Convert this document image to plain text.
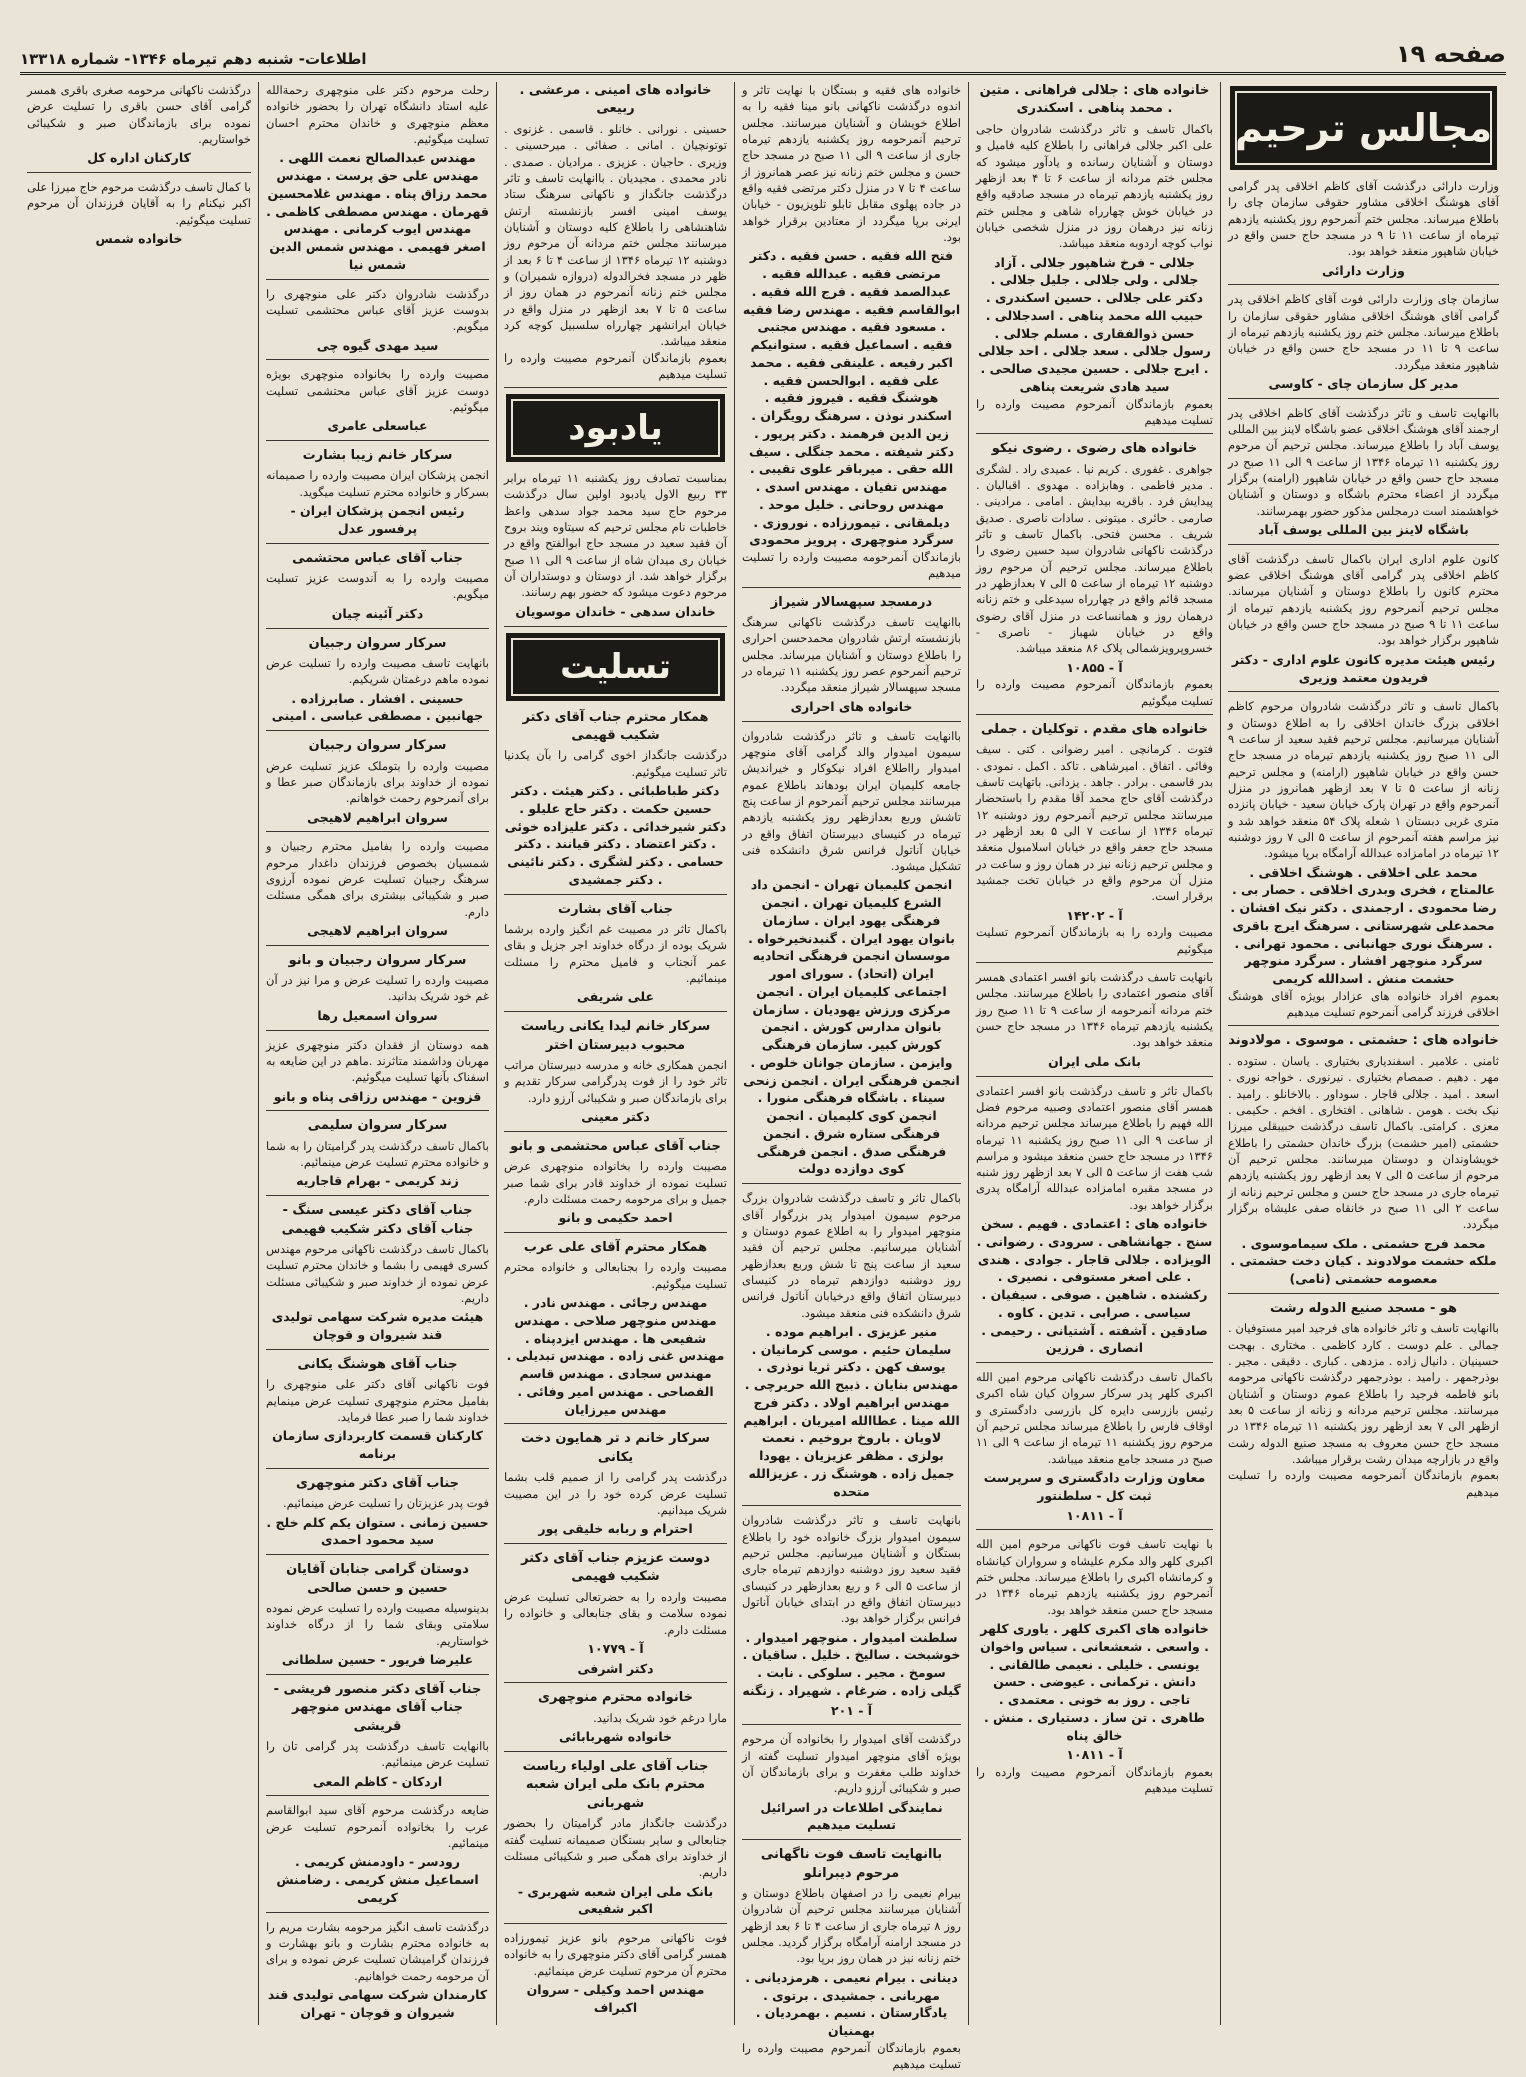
صفحه ۱۹
اطلاعات- شنبه دهم تیرماه ۱۳۴۶- شماره ۱۳۳۱۸
مجالس ترحیم
وزارت دارائی درگذشت آقای کاظم اخلاقی پدر گرامی آقای هوشنگ اخلاقی مشاور حقوقی سازمان چای را باطلاع میرساند. مجلس ختم آنمرحوم روز یکشنبه یازدهم تیرماه از ساعت ۱۱ تا ۹ در مسجد حاج حسن واقع در خیابان شاهپور منعقد خواهد بود.
وزارت دارائی
سازمان چای وزارت دارائی فوت آقای کاظم اخلاقی پدر گرامی آقای هوشنگ اخلاقی مشاور حقوقی سازمان را باطلاع میرساند. مجلس ختم روز یکشنبه یازدهم تیرماه از ساعت ۹ تا ۱۱ در مسجد حاج حسن واقع در خیابان شاهپور منعقد میگردد.
مدیر کل سازمان چای - کاوسی
باانهایت تاسف و تاثر درگذشت آقای کاظم اخلاقی پدر ارجمند آقای هوشنگ اخلاقی عضو باشگاه لاینز بین المللی یوسف آباد را باطلاع میرساند. مجلس ترحیم آن مرحوم روز یکشنبه ۱۱ تیرماه ۱۳۴۶ از ساعت ۹ الی ۱۱ صبح در مسجد حاج حسن واقع در خیابان شاهپور (ارامنه) برگزار میگردد از اعضاء محترم باشگاه و دوستان و آشنایان خواهشمند است درمجلس مذکور حضور بهمرسانند.
باشگاه لاینز بین المللی یوسف آباد
کانون علوم اداری ایران باکمال تاسف درگذشت آقای کاظم اخلاقی پدر گرامی آقای هوشنگ اخلاقی عضو محترم کانون را باطلاع دوستان و آشنایان میرساند. مجلس ترحیم آنمرحوم روز یکشنبه یازدهم تیرماه از ساعت ۱۱ تا ۹ صبح در مسجد حاج حسن واقع در خیابان شاهپور برگزار خواهد بود.
رئیس هیئت مدیره کانون علوم اداری - دکتر فریدون معتمد وزیری
باکمال تاسف و تاثر درگذشت شادروان مرحوم کاظم اخلاقی بزرگ خاندان اخلاقی را به اطلاع دوستان و آشنایان میرسانیم. مجلس ترحیم فقید سعید از ساعت ۹ الی ۱۱ صبح روز یکشنبه یازدهم تیرماه در مسجد حاج حسن واقع در خیابان شاهپور (ارامنه) و مجلس ترحیم زنانه از ساعت ۵ تا ۷ بعد ازظهر همانروز در منزل آنمرحوم واقع در تهران پارک خیابان سعید - خیابان پانزده متری غربی دبستان ۱ شعله پلاک ۵۴ منعقد خواهد شد و نیز مراسم هفته آنمرحوم از ساعت ۵ الی ۷ روز دوشنبه ۱۲ تیرماه در امامزاده عبدالله آرامگاه برپا میشود.
محمد علی اخلاقی . هوشنگ اخلاقی . عالمتاج ، فخری وبدری اخلاقی . حصار بی . رضا محمودی . ارجمندی . دکتر نیک افشان . محمدعلی شهرستانی . سرهنگ ایرج باقری . سرهنگ نوری جهانبانی . محمود تهرانی . سرگرد منوچهر افشار . سرگرد منوچهر حشمت منش . اسدالله کریمی
بعموم افراد خانواده های عزادار بویژه آقای هوشنگ اخلاقی فرزند گرامی آنمرحوم تسلیت میدهیم
خانواده های : حشمتی . موسوی . مولادوند
ثامنی . علامیر . اسفندیاری بختیاری . یاسان . ستوده . مهر . دهیم . صمصام بختیاری . نیرنوری . خواجه نوری . اسعد . امید . جلالی قاجار . سوداور . بالاخانلو . رامید . نیک بخت . هومن . شاهانی . افتخاری . افخم . حکیمی . معزی . کرامتی. باکمال تاسف درگذشت حبیبقلی میرزا حشمتی (امیر حشمت) بزرگ خاندان حشمتی را باطلاع خویشاوندان و دوستان میرسانند. مجلس ترحیم آن مرحوم از ساعت ۵ الی ۷ بعد ازظهر روز یکشنبه یازدهم تیرماه جاری در مسجد حاج حسن و مجلس ترحیم زنانه از ساعت ۲ الی ۱۱ صبح در خانقاه صفی علیشاه برگزار میگردد.
محمد فرج حشمتی . ملک سیماموسوی . ملکه حشمت مولادوند . کیان دخت حشمتی . معصومه حشمتی (نامی)
هو - مسجد صنیع الدوله رشت
باانهایت تاسف و تاثر خانواده های فرجید امیر مستوفیان . جمالی . علم دوست . کارد کاظمی . مختاری . بهجت حسینیان . دانیال زاده . مزدهی . کباری . دقیقی . مجیر . بوذرجمهر . رامید . بوذرجمهر درگذشت ناکهانی مرحومه بانو فاطمه فرجید را باطلاع عموم دوستان و آشنایان میرسانند. مجلس ترحیم مردانه و زنانه از ساعت ۵ بعد ازظهر الی ۷ بعد ازظهر روز یکشنبه ۱۱ تیرماه ۱۳۴۶ در مسجد حاج حسن معروف به مسجد صنیع الدوله رشت واقع در بازارچه میدان رشت برقرار میباشد.
بعموم بازماندگان آنمرحومه مصیبت وارده را تسلیت میدهیم
خانواده های : جلالی فراهانی . متین . محمد پناهی . اسکندری
باکمال تاسف و تاثر درگذشت شادروان حاجی علی اکبر جلالی فراهانی را باطلاع کلیه فامیل و دوستان و آشنایان رسانده و یادآور میشود که مجلس ختم مردانه از ساعت ۶ تا ۴ بعد ازظهر روز یکشنبه یازدهم تیرماه در مسجد صادقیه واقع در خیابان خوش چهارراه شاهی و مجلس ختم زنانه نیز درهمان روز در منزل شخصی خیابان نواب کوچه اردوبه منعقد میباشد.
جلالی - فرخ شاهپور جلالی . آزاد جلالی . ولی جلالی . جلیل جلالی . دکتر علی جلالی . حسین اسکندری . حبیب الله محمد پناهی . اسدجلالی . حسن ذوالفقاری . مسلم جلالی . رسول جلالی . سعد جلالی . احد جلالی . ایرج جلالی . حسین مجیدی صالحی . سید هادی شریعت پناهی
بعموم بازماندگان آنمرحوم مصیبت وارده را تسلیت میدهیم
خانواده های رضوی . رضوی نیکو
جواهری . غفوری . کریم نیا . عمیدی راد . لشگری . مدیر فاطمی . وهابزاده . مهدوی . اقبالیان . پیدایش فرد . باقریه بیدایش . امامی . مرادینی . صارمی . حائری . میتونی . سادات ناصری . صدیق شریف . محسن فتحی. باکمال تاسف و تاثر درگذشت ناکهانی شادروان سید حسین رضوی را باطلاع میرساند. مجلس ترحیم آن مرحوم روز دوشنبه ۱۲ تیرماه از ساعت ۵ الی ۷ بعدازظهر در مسجد قائم واقع در چهارراه سیدعلی و ختم زنانه درهمان روز و همانساعت در منزل آقای رضوی واقع در خیابان شهباز - ناصری - خسروپرویزشمالی پلاک ۸۶ منعقد میباشد.
آ - ۱۰۸۵۵
بعموم بازماندگان آنمرحوم مصیبت وارده را تسلیت میگوئیم
خانواده های مقدم . توکلیان . جملی
فتوت . کرمانچی . امیر رضوانی . کتی . سیف وفائی . اتفاق . امیرشاهی . تاکد . اکمل . نمودی . بدر قاسمی . برادر . جاهد . یزدانی. باتهایت تاسف درگذشت آقای حاج محمد آقا مقدم را باستحضار میرسانند مجلس ترحیم آنمرحوم روز دوشنبه ۱۲ تیرماه ۱۳۴۶ از ساعت ۷ الی ۵ بعد ازظهر در مسجد حاج جعفر واقع در خیابان اسلامبول منعقد و مجلس ترحیم زنانه نیز در همان روز و ساعت در منزل آن مرحوم واقع در خیابان تخت جمشید برقرار است.
آ - ۱۴۲۰۲
مصیبت وارده را به بازماندگان آنمرحوم تسلیت میگوئیم
بانهایت تاسف درگذشت بانو افسر اعتمادی همسر آقای منصور اعتمادی را باطلاع میرسانند. مجلس ختم مردانه آنمرحومه از ساعت ۹ تا ۱۱ صبح روز یکشنبه یازدهم تیرماه ۱۳۴۶ در مسجد حاج حسن منعقد خواهد بود.
بانک ملی ایران
باکمال تاثر و تاسف درگذشت بانو افسر اعتمادی همسر آقای منصور اعتمادی وصبیه مرحوم فضل الله فهیم را باطلاع میرساند مجلس ترحیم مردانه از ساعت ۹ الی ۱۱ صبح روز یکشنبه ۱۱ تیرماه ۱۳۴۶ در مسجد حاج حسن منعقد میشود و مراسم شب هفت از ساعت ۵ الی ۷ بعد ازظهر روز شنبه در مسجد مقبره امامزاده عبدالله آرامگاه پدری برگزار خواهد بود.
خانواده های : اعتمادی . فهیم . سخن سنج . جهانشاهی . سرودی . رضوانی . الویزاده . جلالی قاجار . جوادی . هندی . علی اصغر مستوفی . نصیری . رکشنده . شاهین . صوفی . سیفیان . سیاسی . صرابی . تدین . کاوه . صادقین . آشفته . آشتیانی . رحیمی . انصاری . فرزین
باکمال تاسف درگذشت ناکهانی مرحوم امین الله اکبری کلهر پدر سرکار سروان کیان شاه اکبری رئیس بازرسی دایره کل بازرسی دادگستری و اوقاف فارس را باطلاع میرساند مجلس ترحیم آن مرحوم روز یکشنبه ۱۱ تیرماه از ساعت ۹ الی ۱۱ صبح در مسجد جامع منعقد میباشد.
معاون وزارت دادگستری و سرپرست ثبت کل - سلطنتور
آ - ۱۰۸۱۱
با نهایت تاسف فوت ناکهانی مرحوم امین الله اکبری کلهر والد مکرم علیشاه و سرواران کیانشاه و کرمانشاه اکبری را باطلاع میرساند. مجلس ختم آنمرحوم روز یکشنبه یازدهم تیرماه ۱۳۴۶ در مسجد حاج حسن منعقد خواهد بود.
خانواده های اکبری کلهر . یاوری کلهر . واسعی . شعشعانی . سیاس واخوان یونسی . خلیلی . نعیمی طالقانی . دانش . ترکمانی . عیوضی . حسن تاجی . روز به خونی . معتمدی . طاهری . تن ساز . دستیاری . منش . خالق پناه
آ - ۱۰۸۱۱
بعموم بازماندگان آنمرحوم مصیبت وارده را تسلیت میدهیم
خانواده های فقیه و بستگان با نهایت تاثر و اندوه درگذشت ناکهانی بانو مینا فقیه را به اطلاع خویشان و آشنایان میرسانند. مجلس ترحیم آنمرحومه روز یکشنبه یازدهم تیرماه جاری از ساعت ۹ الی ۱۱ صبح در مسجد حاج حسن و مجلس ختم زنانه نیز عصر همانروز از ساعت ۴ تا ۷ در منزل دکتر مرتضی فقیه واقع در جاده پهلوی مقابل تابلو تلویزیون - خیابان ایرنی برپا میگردد از معتادین برقرار خواهد بود.
فتح الله فقیه . حسن فقیه . دکتر مرتضی فقیه . عبدالله فقیه . عبدالصمد فقیه . فرج الله فقیه . ابوالقاسم فقیه . مهندس رضا فقیه . مسعود فقیه . مهندس مجتبی فقیه . اسماعیل فقیه . ستوانیکم اکبر رفیعه . علینقی فقیه . محمد علی فقیه . ابوالحسن فقیه . هوشنگ فقیه . فیروز فقیه . اسکندر نوذن . سرهنگ رویگران . زین الدین فرهمند . دکتر پرپور . دکتر شیفته . محمد جنگلی . سیف الله حقی . میرباقر علوی تقیبی . مهندس تفیان . مهندس اسدی . مهندس روحانی . خلیل موحد . دیلمقانی . تیمورزاده . نوروزی . سرگرد منوچهری . پرویز محمودی
بازماندگان آنمرحومه مصیبت وارده را تسلیت میدهیم
درمسجد سپهسالار شیراز
باانهایت تاسف درگذشت ناکهانی سرهنگ بازنشسته ارتش شادروان محمدحسن احراری را باطلاع دوستان و آشنایان میرساند. مجلس ترحیم آنمرحوم عصر روز یکشنبه ۱۱ تیرماه در مسجد سپهسالار شیراز منعقد میگردد.
خانواده های احراری
باانهایت تاسف و تاثر درگذشت شادروان سیمون امیدوار والد گرامی آقای منوچهر امیدوار رااطلاع افراد نیکوکار و خیراندیش جامعه کلیمیان ایران بودهاند باطلاع عموم میرسانند مجلس ترحیم آنمرحوم از ساعت پنج تاشش وربع بعدازظهر روز یکشنبه یازدهم تیرماه در کنیسای دبیرستان اتفاق واقع در خیابان آناتول فرانس شرق دانشکده فنی تشکیل میشود.
انجمن کلیمیان تهران - انجمن داد الشرع کلیمیان تهران . انجمن فرهنگی یهود ایران . سازمان بانوان یهود ایران . گنبدنخیرخواه . موسسان انجمن فرهنگی اتحادیه ایران (اتحاد) . سورای امور اجتماعی کلیمیان ایران . انجمن مرکزی ورزش یهودیان . سازمان بانوان مدارس کورش . انجمن کورش کبیر. سازمان فرهنگی وایزمن . سازمان جوانان خلوص . انجمن فرهنگی ایران . انجمن زنحی سیناء . باشگاه فرهنگی منورا . انجمن کوی کلیمیان . انجمن فرهنگی ستاره شرق . انجمن فرهنگی صدق . انجمن فرهنگی کوی دوازده دولت
باکمال تاثر و تاسف درگذشت شادروان بزرگ مرحوم سیمون امیدوار پدر بزرگوار آقای منوچهر امیدوار را به اطلاع عموم دوستان و آشنایان میرسانیم. مجلس ترحیم آن فقید سعید از ساعت پنج تا شش وربع بعدازظهر روز دوشنبه دوازدهم تیرماه در کنیسای دبیرستان اتفاق واقع درخیابان آناتول فرانس شرق دانشکده فنی منعقد میشود.
منیر عزیزی . ابراهیم موده . سلیمان حئیم . موسی کرمانیان . یوسف کهن . دکتر ثریا نوذری . مهندس بنایان . ذبیح الله حریرچی . مهندس ابراهیم اولاد . دکتر فرج الله مینا . عطاالله امیریان . ابراهیم لاویان . باروخ بروخیم . نعمت بولزی . مظفر عزیزیان . یهودا جمیل زاده . هوشنگ زر . عزیزالله متحده
بانهایت تاسف و تاثر درگذشت شادروان سیمون امیدوار بزرگ خانواده خود را باطلاع بستگان و آشنایان میرسانیم. مجلس ترحیم فقید سعید روز دوشنبه دوازدهم تیرماه جاری از ساعت ۵ الی ۶ و ربع بعدازظهر در کنیسای دبیرستان اتفاق واقع در ابتدای خیابان آناتول فرانس برگزار خواهد بود.
سلطنت امیدوار . منوچهر امیدوار . خوشبخت . سالیخ . خلیل . ساقیان . سومخ . مجیر . سلوکی . نابت . گیلی زاده . ضرغام . شهیراد . زنگنه
آ - ۲۰۱
درگذشت آقای امیدوار را بخانواده آن مرحوم بویژه آقای منوچهر امیدوار تسلیت گفته از خداوند طلب مغفرت و برای بازماندگان آن صبر و شکیبائی آرزو داریم.
نمایندگی اطلاعات در اسرائیل تسلیت میدهیم
باانهایت تاسف فوت ناگهانی مرحوم دیبرانلو
بیرام نعیمی را در اصفهان باطلاع دوستان و آشنایان میرسانند مجلس ترحیم آن شادروان روز ۸ تیرماه جاری از ساعت ۴ تا ۶ بعد ازظهر در مسجد ارامنه آرامگاه برگزار گردید. مجلس ختم زنانه نیز در همان روز برپا بود.
دینانی . بیرام نعیمی . هرمزدیانی . مهربانی . جمشیدی . برتوی . یادگارستان . نسیم . بهمردیان . بهمنیان
بعموم بازماندگان آنمرحوم مصیبت وارده را تسلیت میدهیم
خانواده های امینی . مرعشی . ربیعی
حسینی . نورانی . خانلو . قاسمی . غزنوی . توتونچیان . امانی . صفائی . میرحسینی . وزیری . حاجیان . عزیزی . مرادیان . صمدی . نادر محمدی . مجیدیان . باانهایت تاسف و تاثر درگذشت جانگداز و ناکهانی سرهنگ ستاد یوسف امینی افسر بازنشسته ارتش شاهنشاهی را باطلاع کلیه دوستان و آشنایان میرسانند مجلس ختم مردانه آن مرحوم روز دوشنبه ۱۲ تیرماه ۱۳۴۶ از ساعت ۴ تا ۶ بعد از ظهر در مسجد فخرالدوله (دروازه شمیران) و مجلس ختم زنانه آنمرحوم در همان روز از ساعت ۵ تا ۷ بعد ازظهر در منزل واقع در خیابان ایرانشهر چهارراه سلسبیل کوچه کرد منعقد میباشد.
بعموم بازماندگان آنمرحوم مصیبت وارده را تسلیت میدهیم
یادبود
بمناسبت تصادف روز یکشنبه ۱۱ تیرماه برابر ۳۳ ربیع الاول یادبود اولین سال درگذشت مرحوم حاج سید محمد جواد سدهی واعظ خاطبات نام مجلس ترحیم که سیتاوه ویند بروح آن فقید سعید در مسجد حاج ابوالفتح واقع در خیابان ری میدان شاه از ساعت ۹ الی ۱۱ صبح برگزار خواهد شد. از دوستان و دوستداران آن مرحوم دعوت میشود که حضور بهم رسانند.
خاندان سدهی - خاندان موسویان
تسلیت
همکار محترم جناب آقای دکتر شکیب قهیمی
درگذشت جانگداز اخوی گرامی را بآن یکدنیا تاثر تسلیت میگوئیم.
دکتر طباطبائی . دکتر هیئت . دکتر حسین حکمت . دکتر حاج علیلو . دکتر شیرخدائی . دکتر علیزاده خوئی . دکتر اعتضاد . دکتر قیانند . دکتر حسامی . دکتر لشگری . دکتر نائینی . دکتر جمشیدی
جناب آقای بشارت
باکمال تاثر در مصیبت غم انگیز وارده برشما شریک بوده از درگاه خداوند اجر جزیل و بقای عمر آنجناب و فامیل محترم را مسئلت مینمائیم.
علی شریفی
سرکار خانم لیدا یکانی ریاست محبوب دبیرستان اختر
انجمن همکاری خانه و مدرسه دبیرستان مراتب تاثر خود را از فوت پدرگرامی سرکار تقدیم و برای بازماندگان صبر و شکیبائی آرزو دارد.
دکتر معینی
جناب آقای عباس محتشمی و بانو
مصیبت وارده را بخانواده منوچهری عرض تسلیت نموده از خداوند قادر برای شما صبر جمیل و برای مرحومه رحمت مسئلت دارم.
احمد حکیمی و بانو
همکار محترم آقای علی عرب
مصیبت وارده را بجنابعالی و خانواده محترم تسلیت میگوئیم.
مهندس رجائی . مهندس نادر . مهندس منوچهر صلاحی . مهندس شفیعی ها . مهندس ایزدپناه . مهندس غنی زاده . مهندس تبدیلی . مهندس سجادی . مهندس قاسم الفصاحی . مهندس امیر وفائی . مهندس میرزایان
سرکار خانم د تر همایون دخت یکانی
درگذشت پدر گرامی را از صمیم قلب بشما تسلیت عرض کرده خود را در این مصیبت شریک میدانیم.
احترام و ربابه خلیقی پور
دوست عزیزم جناب آقای دکتر شکیب فهیمی
مصیبت وارده را به حضرتعالی تسلیت عرض نموده سلامت و بقای جنابعالی و خانواده را مسئلت دارم.
آ - ۱۰۷۷۹
دکتر اشرفی
خانواده محترم منوچهری
مارا درغم خود شریک بدانید.
خانواده شهربابائی
جناب آقای علی اولیاء ریاست محترم بانک ملی ایران شعبه شهربانی
درگذشت جانگداز مادر گرامیتان را بحضور جنابعالی و سایر بستگان صمیمانه تسلیت گفته از خداوند برای همگی صبر و شکیبائی مسئلت داریم.
بانک ملی ایران شعبه شهربری - اکبر شفیعی
فوت ناکهانی مرحوم بانو عزیز تیمورزاده همسر گرامی آقای دکتر منوچهری را به خانواده محترم آن مرحوم تسلیت عرض مینمائیم.
مهندس احمد وکیلی - سروان اکبراف
رحلت مرحوم دکتر علی منوچهری رحمةالله علیه استاد دانشگاه تهران را بحضور خانواده معظم منوچهری و خاندان محترم احسان تسلیت میگوئیم.
مهندس عبدالصالح نعمت اللهی . مهندس علی حق پرست . مهندس محمد رزاق پناه . مهندس غلامحسین قهرمان . مهندس مصطفی کاظمی . مهندس ایوب کرمانی . مهندس اصغر فهیمی . مهندس شمس الدین شمس نیا
درگذشت شادروان دکتر علی منوچهری را بدوست عزیز آقای عباس محتشمی تسلیت میگویم.
سید مهدی گیوه چی
مصیبت وارده را بخانواده منوچهری بویژه دوست عزیز آقای عباس محتشمی تسلیت میگوئیم.
عباسعلی عامری
سرکار خانم زیبا بشارت
انجمن پزشکان ایران مصیبت وارده را صمیمانه بسرکار و خانواده محترم تسلیت میگوید.
رئیس انجمن پزشکان ایران - پرفسور عدل
جناب آقای عباس محتشمی
مصیبت وارده را به آندوست عزیز تسلیت میگویم.
دکتر آئینه چیان
سرکار سروان رجبیان
بانهایت تاسف مصیبت وارده را تسلیت عرض نموده ماهم درغمتان شریکیم.
حسینی . افشار . صابرزاده . جهانبین . مصطفی عباسی . امینی
سرکار سروان رجبیان
مصیبت وارده را بتوملک عزیز تسلیت عرض نموده از خداوند برای بازماندگان صبر عطا و برای آنمرحوم رحمت خواهانم.
سروان ابراهیم لاهیجی
مصیبت وارده را بفامیل محترم رجبیان و شمسیان بخصوص فرزندان داغدار مرحوم سرهنگ رجبیان تسلیت عرض نموده آرزوی صبر و شکیبائی بیشتری برای همگی مسئلت دارم.
سروان ابراهیم لاهیجی
سرکار سروان رجبیان و بانو
مصیبت وارده را تسلیت عرض و مرا نیز در آن غم خود شریک بدانید.
سروان اسمعیل رها
همه دوستان از فقدان دکتر منوچهری عزیز مهربان وداشمند متاثرند .ماهم در این ضایعه به اسفناک بآنها تسلیت میگوئیم.
قزوین - مهندس رزاقی پناه و بانو
سرکار سروان سلیمی
باکمال تاسف درگذشت پدر گرامیتان را به شما و خانواده محترم تسلیت عرض مینمائیم.
زند کریمی - بهرام قاجاریه
جناب آقای دکتر عیسی سنگ - جناب آقای دکتر شکیب فهیمی
باکمال تاسف درگذشت ناکهانی مرحوم مهندس کسری فهیمی را بشما و خاندان محترم تسلیت عرض نموده از خداوند صبر و شکیبائی مسئلت داریم.
هیئت مدیره شرکت سهامی تولیدی قند شیروان و قوچان
جناب آقای هوشنگ یکانی
فوت ناکهانی آقای دکتر علی منوچهری را بفامیل محترم منوچهری تسلیت عرض مینمایم خداوند شما را صبر عطا فرماید.
کارکنان قسمت کاربردازی سازمان برنامه
جناب آقای دکتر منوچهری
فوت پدر عزیزتان را تسلیت عرض مینمائیم.
حسین زمانی . ستوان یکم کلم خلج . سید محمود احمدی
دوستان گرامی جنابان آقایان حسین و حسن صالحی
بدینوسیله مصیبت وارده را تسلیت عرض نموده سلامتی وبقای شما را از درگاه خداوند خواستاریم.
علیرضا فریور - حسین سلطانی
جناب آقای دکتر منصور فریشی - جناب آقای مهندس منوچهر قریشی
باانهایت تاسف درگذشت پدر گرامی تان را تسلیت عرض مینمائیم.
اردکان - کاظم المعی
ضایعه درگذشت مرحوم آقای سید ابوالقاسم عرب را بخانواده آنمرحوم تسلیت عرض مینمائیم.
رودسر - داودمنش کریمی . اسماعیل منش کریمی . رضامنش کریمی
درگذشت تاسف انگیز مرحومه بشارت مریم را به خانواده محترم بشارت و بانو بهشارت و فرزندان گرامیشان تسلیت عرض نموده و برای آن مرحومه رحمت خواهانیم.
کارمندان شرکت سهامی تولیدی قند شیروان و قوچان - تهران
درگذشت ناکهانی مرحومه صغری باقری همسر گرامی آقای حسن باقری را تسلیت عرض نموده برای بازماندگان صبر و شکیبائی خواستاریم.
کارکنان اداره کل
با کمال تاسف درگذشت مرحوم حاج میرزا علی اکبر نیکنام را به آقایان فرزندان آن مرحوم تسلیت میگوئیم.
خانواده شمس
